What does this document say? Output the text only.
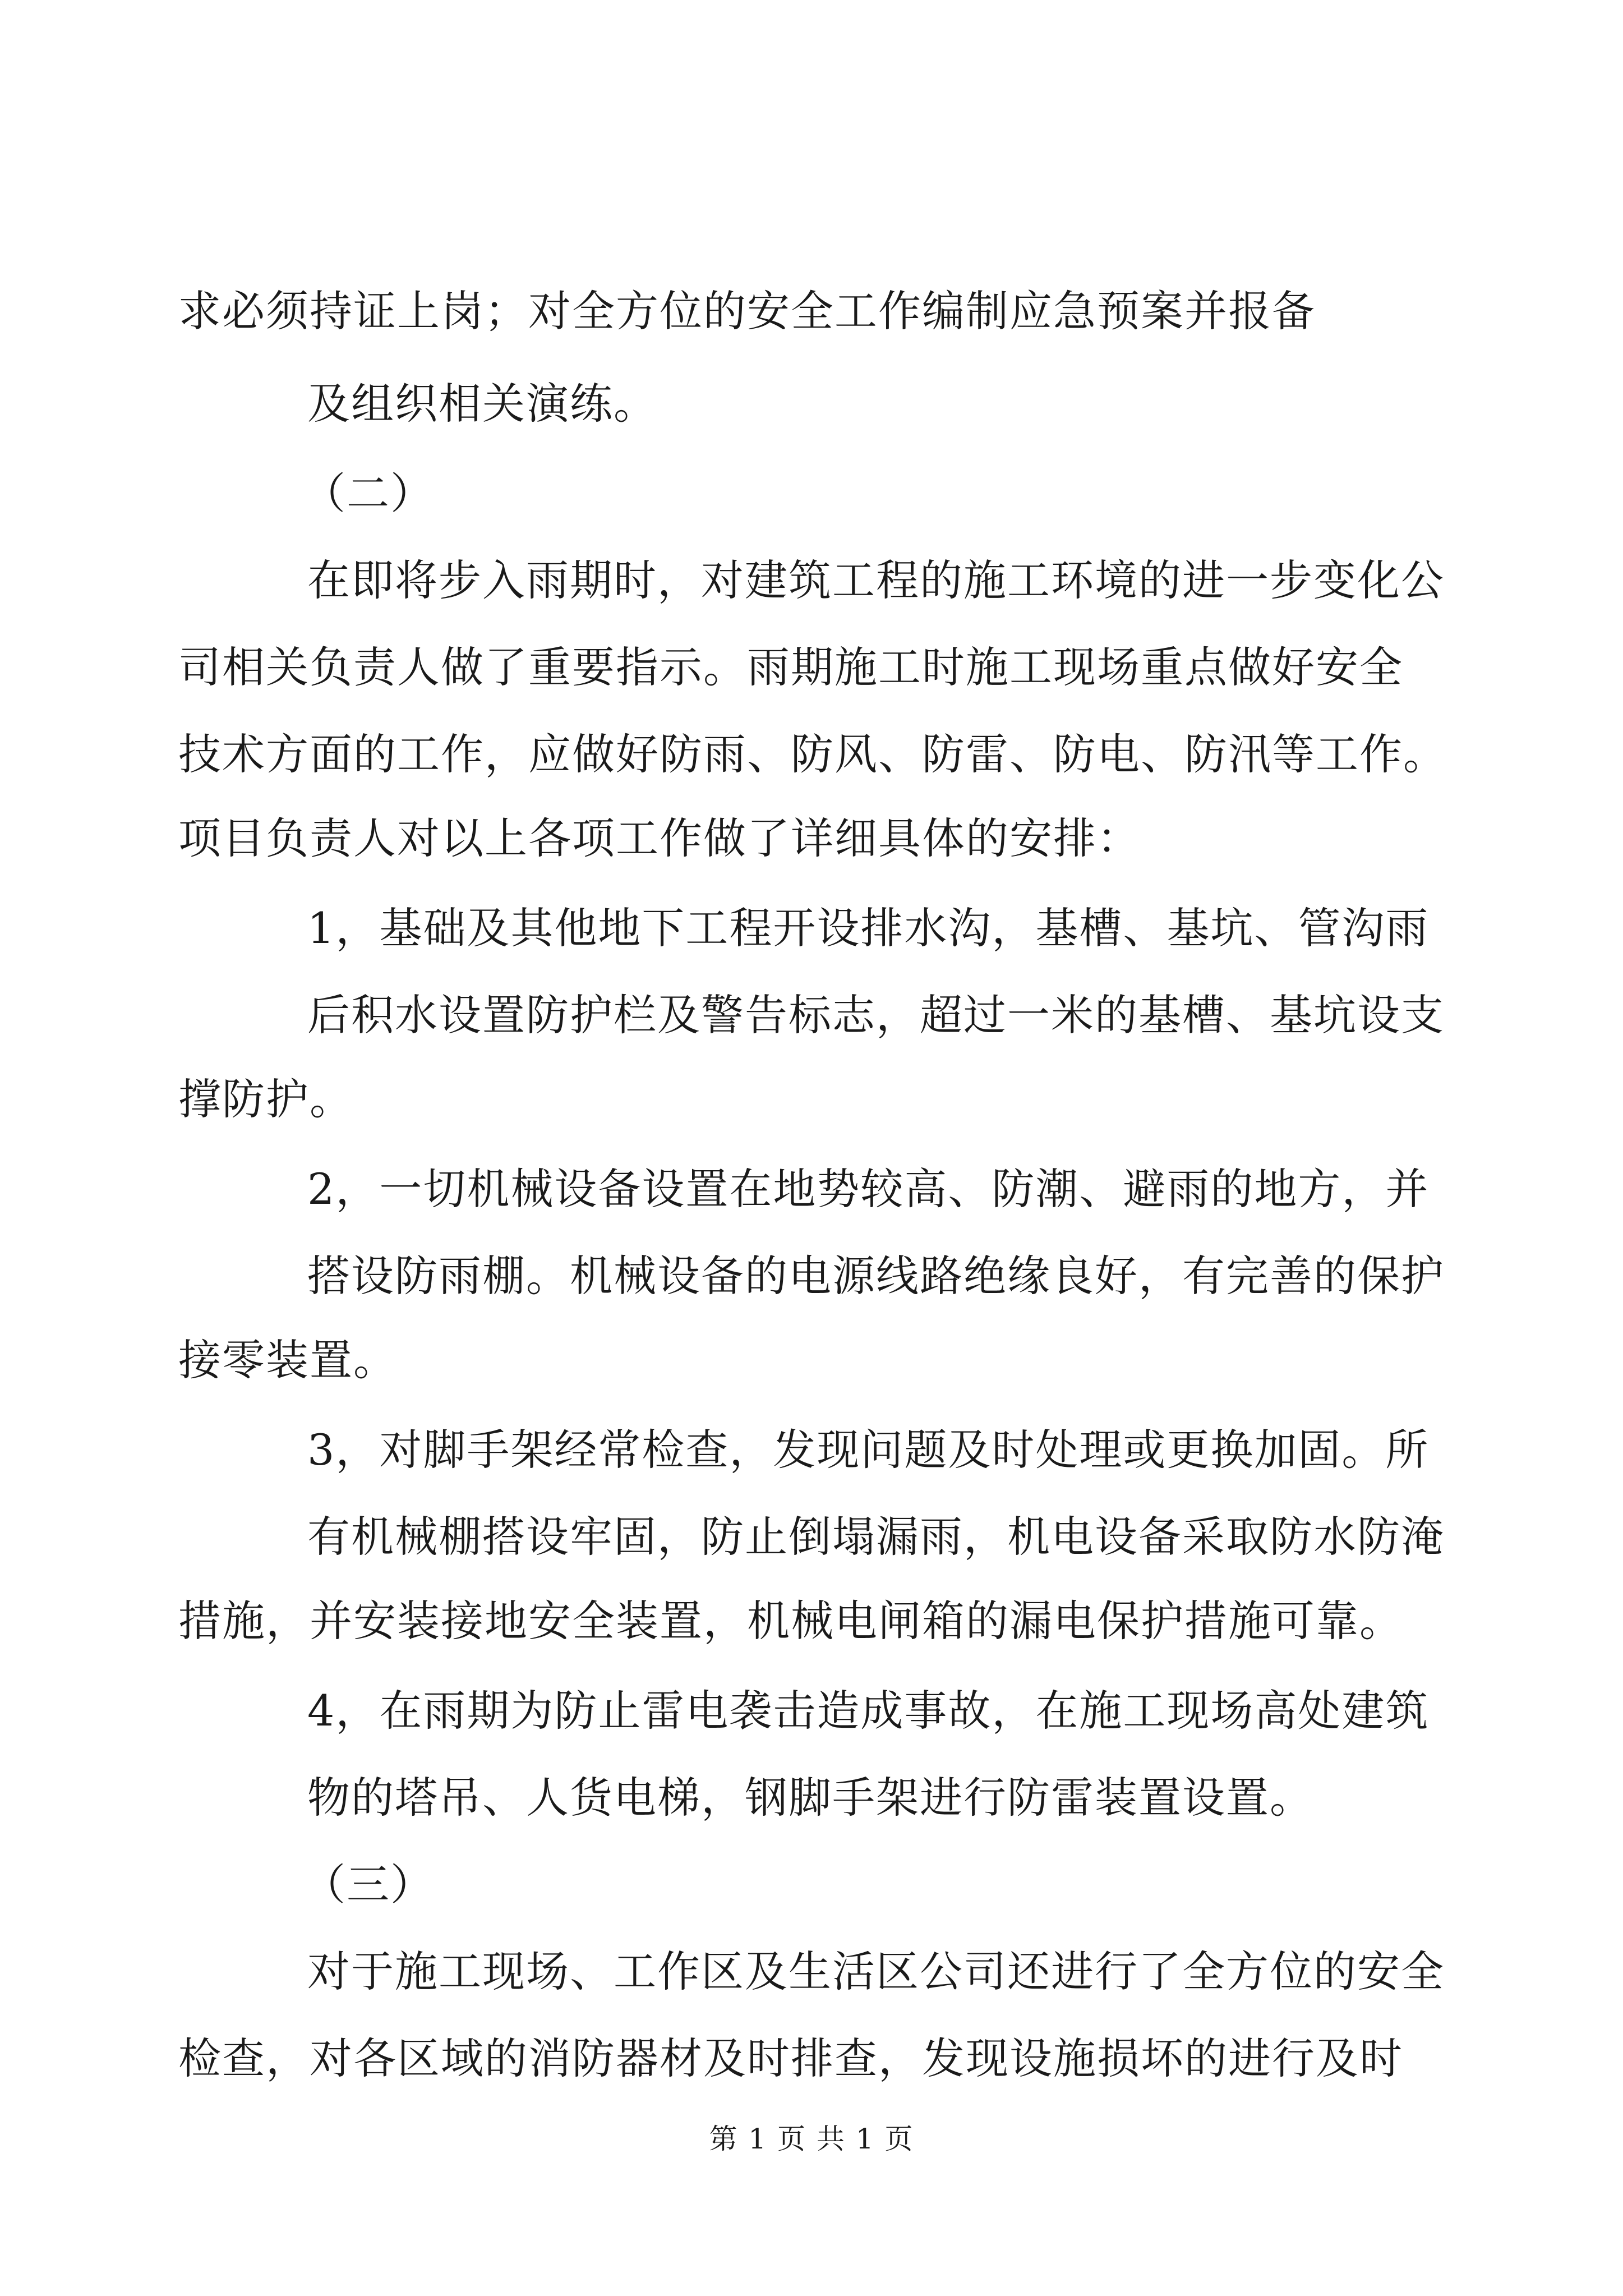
求必须持证上岗；对全方位的安全工作编制应急预案并报备

及组织相关演练。

（二）

在即将步入雨期时，对建筑工程的施工环境的进一步变化公

司相关负责人做了重要指示。雨期施工时施工现场重点做好安全

技术方面的工作，应做好防雨、防风、防雷、防电、防汛等工作。

项目负责人对以上各项工作做了详细具体的安排：

1，基础及其他地下工程开设排水沟，基槽、基坑、管沟雨

后积水设置防护栏及警告标志，超过一米的基槽、基坑设支

撑防护。

2，一切机械设备设置在地势较高、防潮、避雨的地方，并

搭设防雨棚。机械设备的电源线路绝缘良好，有完善的保护

接零装置。

3，对脚手架经常检查，发现问题及时处理或更换加固。所

有机械棚搭设牢固，防止倒塌漏雨，机电设备采取防水防淹

措施，并安装接地安全装置，机械电闸箱的漏电保护措施可靠。

4，在雨期为防止雷电袭击造成事故，在施工现场高处建筑

物的塔吊、人货电梯，钢脚手架进行防雷装置设置。

（三）

对于施工现场、工作区及生活区公司还进行了全方位的安全

检查，对各区域的消防器材及时排查，发现设施损坏的进行及时

第 1 页 共 1 页
